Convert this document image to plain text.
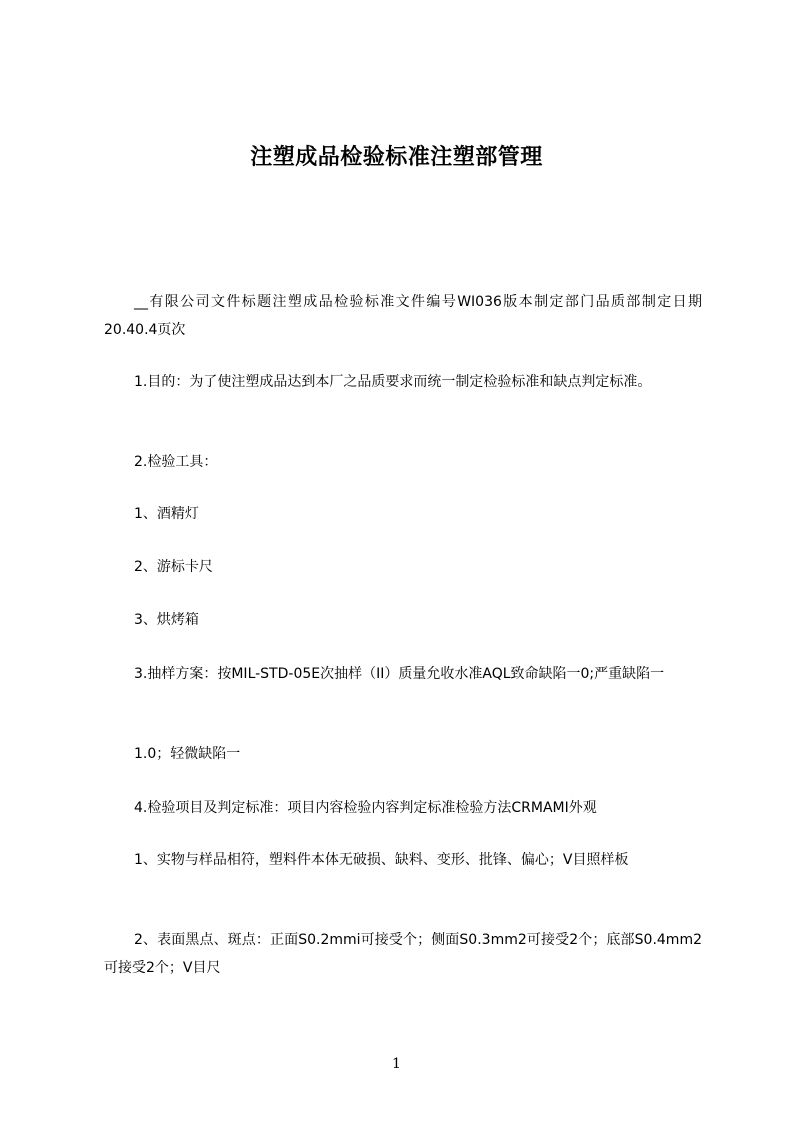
注塑成品检验标准注塑部管理
__有限公司文件标题注塑成品检验标准文件编号WI036版本制定部门品质部制定日期20.40.4页次
1.目的：为了使注塑成品达到本厂之品质要求而统一制定检验标准和缺点判定标准。
2.检验工具：
1、酒精灯
2、游标卡尺
3、烘烤箱
3.抽样方案：按MIL-STD-05E次抽样（II）质量允收水准AQL致命缺陷一0;严重缺陷一
1.0；轻微缺陷一
4.检验项目及判定标准：项目内容检验内容判定标准检验方法CRMAMI外观
1、实物与样品相符，塑料件本体无破损、缺料、变形、批锋、偏心；V目照样板
2、表面黑点、斑点：正面S0.2mmi可接受个；侧面S0.3mm2可接受2个；底部S0.4mm2可接受2个；V目尺
1
